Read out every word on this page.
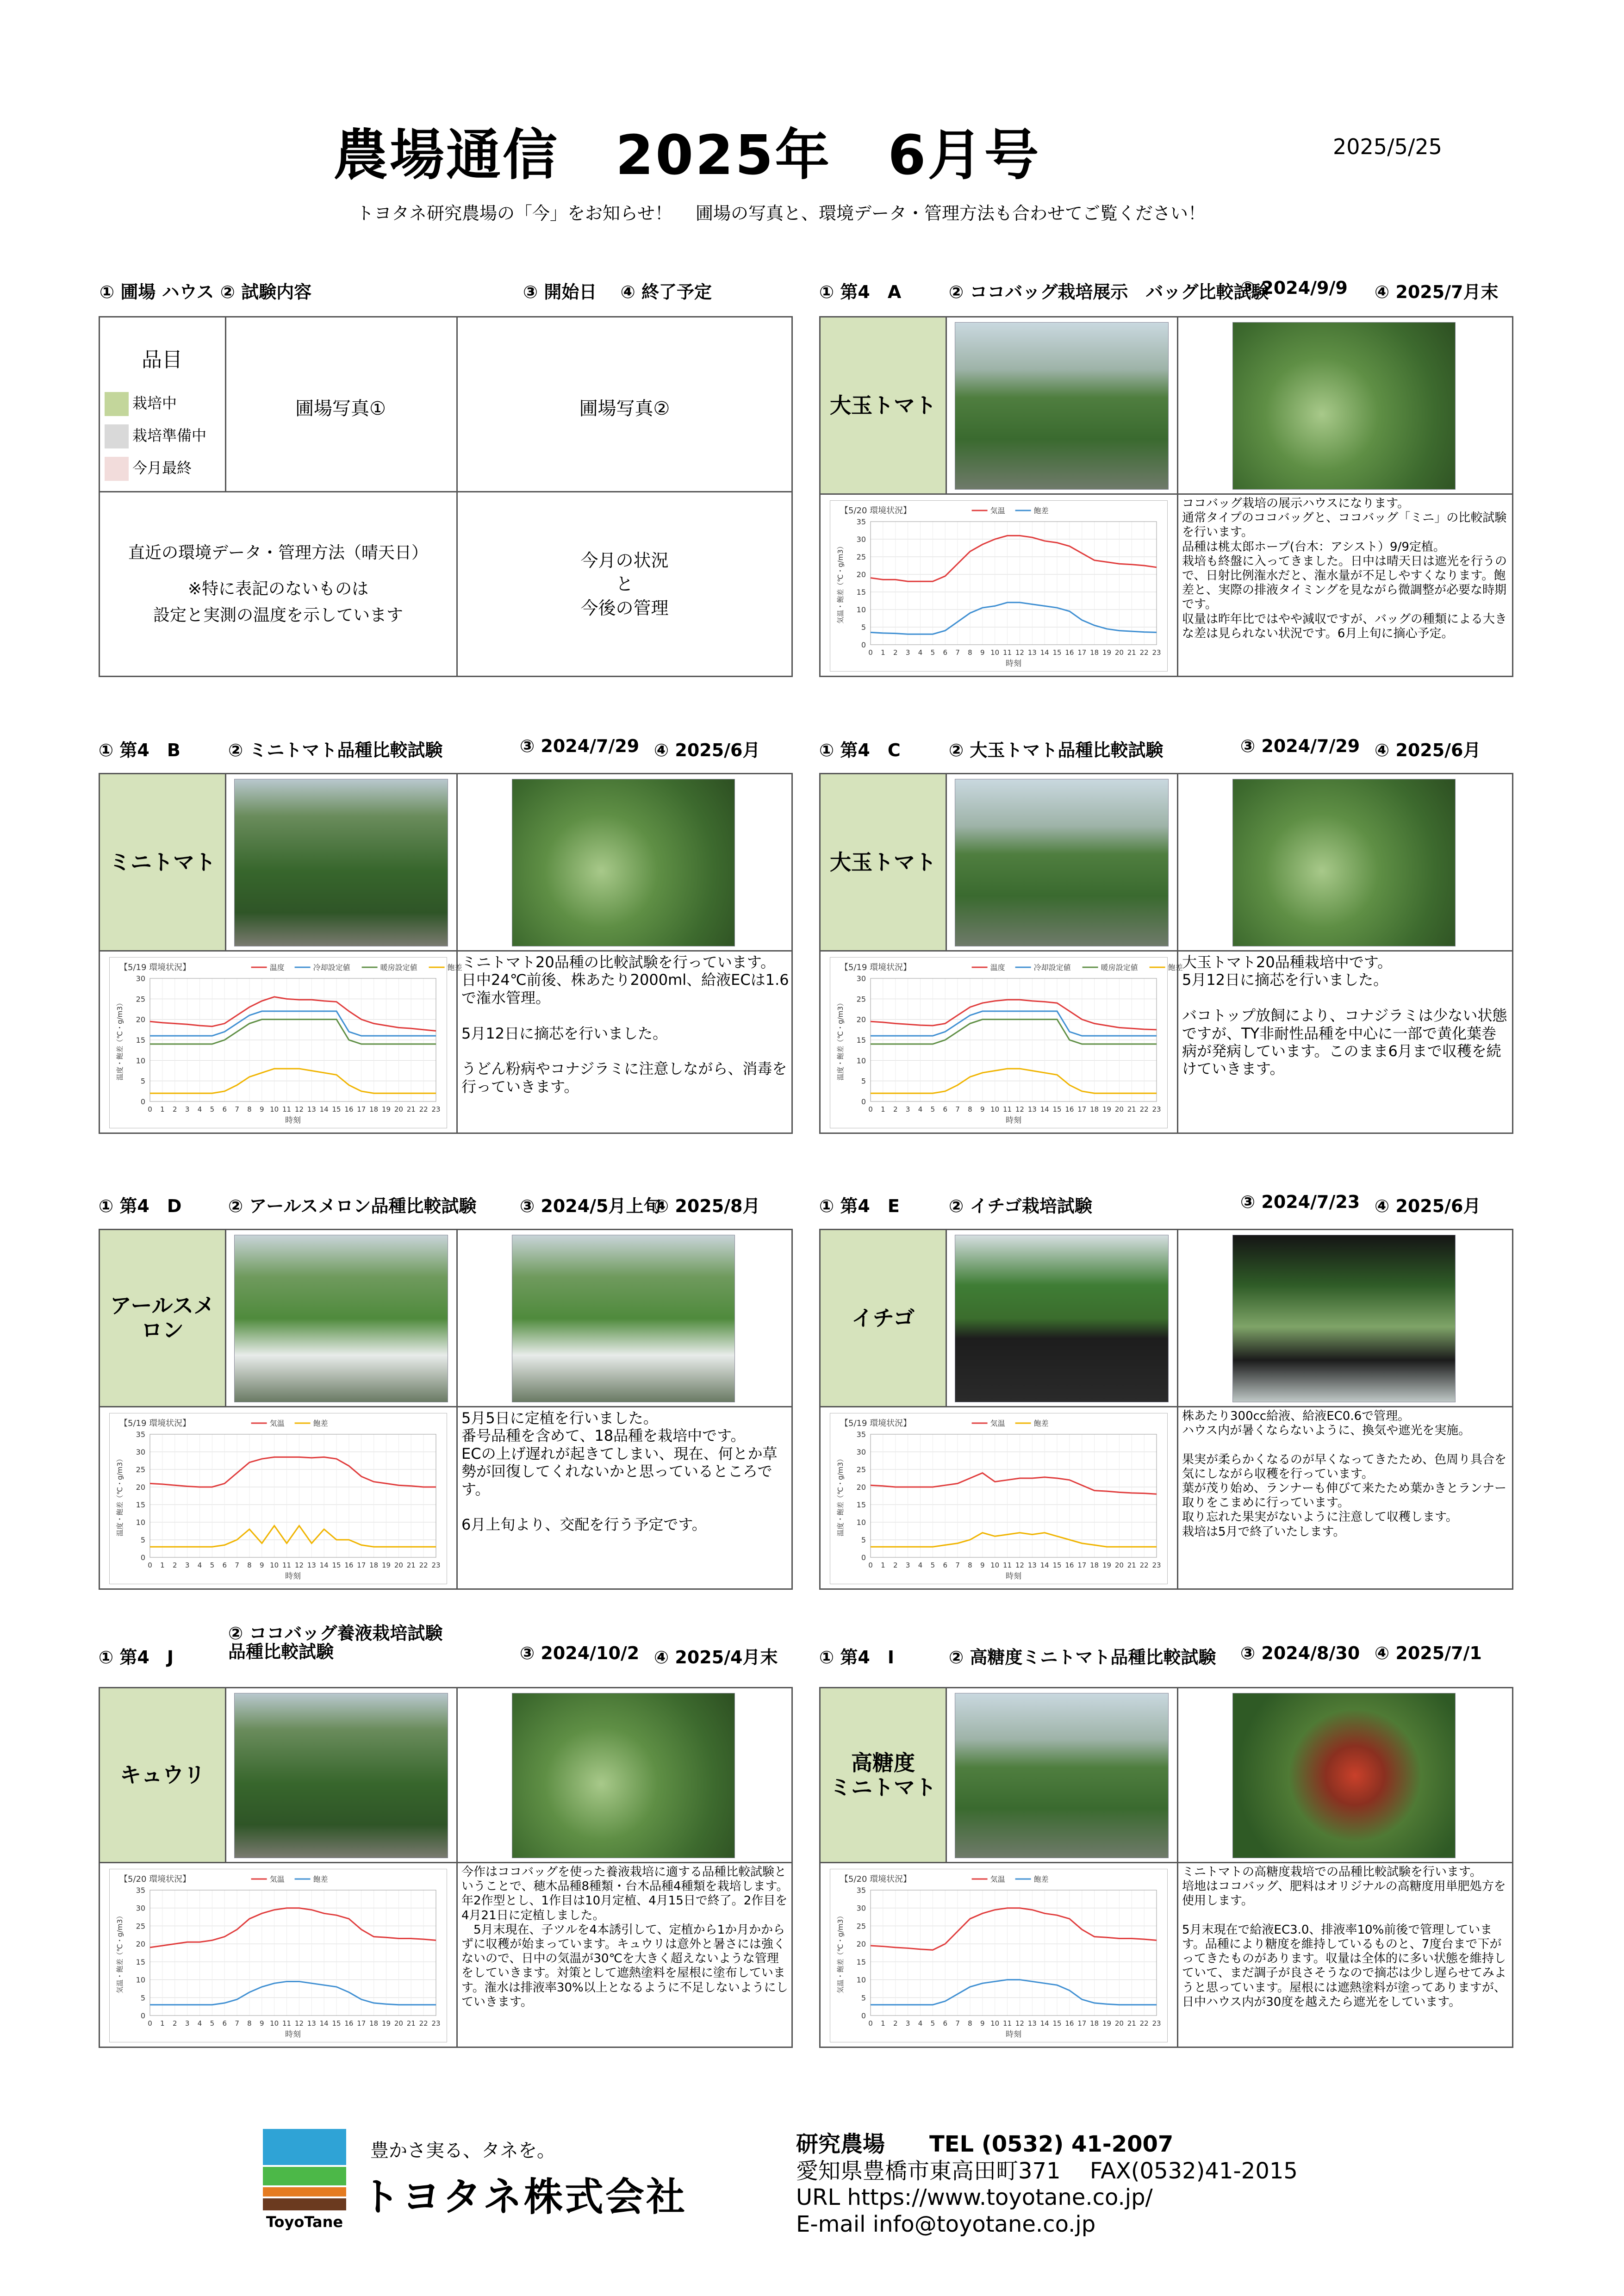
農場通信　2025年　6月号	2025/5/25
トヨタネ研究農場の「今」をお知らせ！　 圃場の写真と、環境データ・管理方法も合わせてご覧ください！
① 圃場 ハウス ② 試験内容	③ 開始日　 ④ 終了予定
品目
栽培中
栽培準備中
今月最終
圃場写真①	圃場写真②
直近の環境データ・管理方法（晴天日）
※特に表記のないものは
設定と実測の温度を示しています
今月の状況
と
今後の管理
① 第4　A	② ココバッグ栽培展示　バッグ比較試験
③ 2024/9/9 ④ 2025/7月末
大玉トマト
ココバッグ栽培の展示ハウスになります。
通常タイプのココバッグと、ココバッグ「ミニ」の比較試験を行います。
品種は桃太郎ホープ(台木：アシスト）9/9定植。
栽培も終盤に入ってきました。日中は晴天日は遮光を行うので、日射比例潅水だと、潅水量が不足しやすくなります。飽差と、実際の排液タイミングを見ながら微調整が必要な時期です。
収量は昨年比ではやや減収ですが、バッグの種類による大きな差は見られない状況です。6月上旬に摘心予定。
【5/20 環境状況】	気温	飽差
0
5
10
15
20
25
30
35
0 1 2 3 4 5 6 7 8 9 10 11 12 13 14 15 16 17 18 19 20 21 22 23
時刻
気温・飽差（℃・g/m3）
① 第4　B	② ミニトマト品種比較試験	③ 2024/7/29 ④ 2025/6月
ミニトマト
ミニトマト20品種の比較試験を行っています。
日中24℃前後、株あたり2000ml、給液ECは1.6で潅水管理。

5月12日に摘芯を行いました。

うどん粉病やコナジラミに注意しながら、消毒を行っていきます。
【5/19 環境状況】	温度	冷却設定値	暖房設定値	飽差
0
5
10
15
20
25
30
0 1 2 3 4 5 6 7 8 9 10 11 12 13 14 15 16 17 18 19 20 21 22 23
時刻
温度・飽差（℃・g/m3）
① 第4　C	② 大玉トマト品種比較試験	③ 2024/7/29 ④ 2025/6月
大玉トマト
大玉トマト20品種栽培中です。
5月12日に摘芯を行いました。

バコトップ放飼により、コナジラミは少ない状態ですが、TY非耐性品種を中心に一部で黄化葉巻病が発病しています。このまま6月まで収穫を続けていきます。
【5/19 環境状況】	温度	冷却設定値	暖房設定値	飽差
0
5
10
15
20
25
30
0 1 2 3 4 5 6 7 8 9 10 11 12 13 14 15 16 17 18 19 20 21 22 23
時刻
温度・飽差（℃・g/m3）
① 第4　D	② アールスメロン品種比較試験 ③ 2024/5月上旬
④ 2025/8月
アールスメロン
5月5日に定植を行いました。
番号品種を含めて、18品種を栽培中です。
ECの上げ遅れが起きてしまい、現在、何とか草勢が回復してくれないかと思っているところです。

6月上旬より、交配を行う予定です。
【5/19 環境状況】	気温	飽差
0
5
10
15
20
25
30
35
0 1 2 3 4 5 6 7 8 9 10 11 12 13 14 15 16 17 18 19 20 21 22 23
時刻
温度・飽差（℃・g/m3）
① 第4　E	② イチゴ栽培試験	③ 2024/7/23 ④ 2025/6月
イチゴ
株あたり300cc給液、給液EC0.6で管理。
ハウス内が暑くならないように、換気や遮光を実施。

果実が柔らかくなるのが早くなってきたため、色周り具合を気にしながら収穫を行っています。
葉が茂り始め、ランナーも伸びて来たため葉かきとランナー取りをこまめに行っています。
取り忘れた果実がないように注意して収穫します。
栽培は5月で終了いたします。
【5/19 環境状況】	気温	飽差
0
5
10
15
20
25
30
35
0 1 2 3 4 5 6 7 8 9 10 11 12 13 14 15 16 17 18 19 20 21 22 23
時刻
温度・飽差（℃・g/m3）
① 第4　J
② ココバッグ養液栽培試験
品種比較試験	③ 2024/10/2 ④ 2025/4月末
キュウリ
今作はココバッグを使った養液栽培に適する品種比較試験ということで、穂木品種8種類・台木品種4種類を栽培します。年2作型とし、1作目は10月定植、4月15日で終了。2作目を4月21日に定植しました。
　5月末現在、子ツルを4本誘引して、定植から1か月かからずに収穫が始まっています。キュウリは意外と暑さには強くないので、日中の気温が30℃を大きく超えないような管理をしていきます。対策として遮熱塗料を屋根に塗布しています。潅水は排液率30%以上となるように不足しないようにしていきます。
【5/20 環境状況】	気温	飽差
0
5
10
15
20
25
30
35
0 1 2 3 4 5 6 7 8 9 10 11 12 13 14 15 16 17 18 19 20 21 22 23
時刻
気温・飽差（℃・g/m3）
① 第4　I	② 高糖度ミニトマト品種比較試験 ③ 2024/8/30 ④ 2025/7/1
高糖度
ミニトマト
ミニトマトの高糖度栽培での品種比較試験を行います。
培地はココバッグ、肥料はオリジナルの高糖度用単肥処方を使用します。

5月末現在で給液EC3.0、排液率10%前後で管理しています。品種により糖度を維持しているものと、7度台まで下がってきたものがあります。収量は全体的に多い状態を維持していて、まだ調子が良さそうなので摘芯は少し遅らせてみようと思っています。屋根には遮熱塗料が塗ってありますが、日中ハウス内が30度を越えたら遮光をしています。
【5/20 環境状況】	気温	飽差
0
5
10
15
20
25
30
35
0 1 2 3 4 5 6 7 8 9 10 11 12 13 14 15 16 17 18 19 20 21 22 23
時刻
気温・飽差（℃・g/m3）
ToyoTane
豊かさ実る、タネを。
トヨタネ株式会社
研究農場　　TEL (0532) 41-2007
愛知県豊橋市東高田町371　 FAX(0532)41-2015
URL https://www.toyotane.co.jp/
E-mail info@toyotane.co.jp
